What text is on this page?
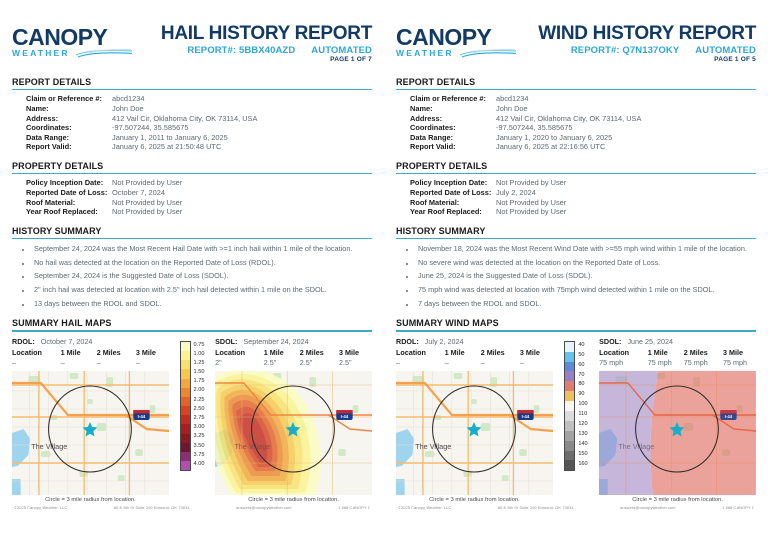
CANOPY
WEATHER
HAIL HISTORY REPORT
REPORT#: 5BBX40AZD AUTOMATED
PAGE 1 OF 7
REPORT DETAILS
Claim or Reference #:	abcd1234
Name:	John Doe
Address:	412 Vail Cir, Oklahoma City, OK 73114, USA
Coordinates:	-97.507244, 35.585675
Data Range:	January 1, 2011 to January 6, 2025
Report Valid:	January 6, 2025 at 21:50:48 UTC
PROPERTY DETAILS
Policy Inception Date:	Not Provided by User
Reported Date of Loss: October 7, 2024
Roof Material:	Not Provided by User
Year Roof Replaced:	Not Provided by User
HISTORY SUMMARY
• September 24, 2024 was the Most Recent Hail Date with >=1 inch hail within 1 mile of the location.
• No hail was detected at the location on the Reported Date of Loss (RDOL).
• September 24, 2024 is the Suggested Date of Loss (SDOL).
• 2" inch hail was detected at location with 2.5" inch hail detected within 1 mile on the SDOL.
• 13 days between the RDOL and SDOL.
SUMMARY HAIL MAPS
RDOL: October 7, 2024
Location	1 Mile	2 Miles	3 Mile
–	–	–	–
The Village
I-44
Circle = 3 mile radius from location.
0.75
1.00
1.25
1.50
1.75
2.00
2.25
2.50
2.75
3.00
3.25
3.50
3.75
4.00
SDOL: September 24, 2024
Location	1 Mile	2 Miles	3 Mile
2"	2.5"	2.5"	2.5"
The Village
I-44
Circle = 3 mile radius from location.
©2025 Canopy Weather, LLC	80 E 5th St Suite 100 Edmond, OK 73034	answers@canopyweather.com	1 888 CANOPY 1
CANOPY
WEATHER
WIND HISTORY REPORT
REPORT#: Q7N137OKY AUTOMATED
PAGE 1 OF 5
REPORT DETAILS
Claim or Reference #:	abcd1234
Name:	John Doe
Address:	412 Vail Cir, Oklahoma City, OK 73114, USA
Coordinates:	-97.507244, 35.585675
Data Range:	January 1, 2020 to January 6, 2025
Report Valid:	January 6, 2025 at 22:16:56 UTC
PROPERTY DETAILS
Policy Inception Date:	Not Provided by User
Reported Date of Loss: July 2, 2024
Roof Material:	Not Provided by User
Year Roof Replaced:	Not Provided by User
HISTORY SUMMARY
• November 18, 2024 was the Most Recent Wind Date with >=55 mph wind within 1 mile of the location.
• No severe wind was detected at the location on the Reported Date of Loss.
• June 25, 2024 is the Suggested Date of Loss (SDOL).
• 75 mph wind was detected at location with 75mph wind detected within 1 mile on the SDOL.
• 7 days between the RDOL and SDOL.
SUMMARY WIND MAPS
RDOL: July 2, 2024
Location	1 Mile	2 Miles	3 Mile
–	–	–	–
The Village
I-44
Circle = 3 mile radius from location.
40
50
60
70
80
90
100
110
120
130
140
150
160
SDOL: June 25, 2024
Location	1 Mile	2 Miles	3 Mile
75 mph	75 mph	75 mph	75 mph
The Village
I-44
Circle = 3 mile radius from location.
©2025 Canopy Weather, LLC	80 E 5th St Suite 100 Edmond, OK 73034	answers@canopyweather.com	1 888 CANOPY 1
